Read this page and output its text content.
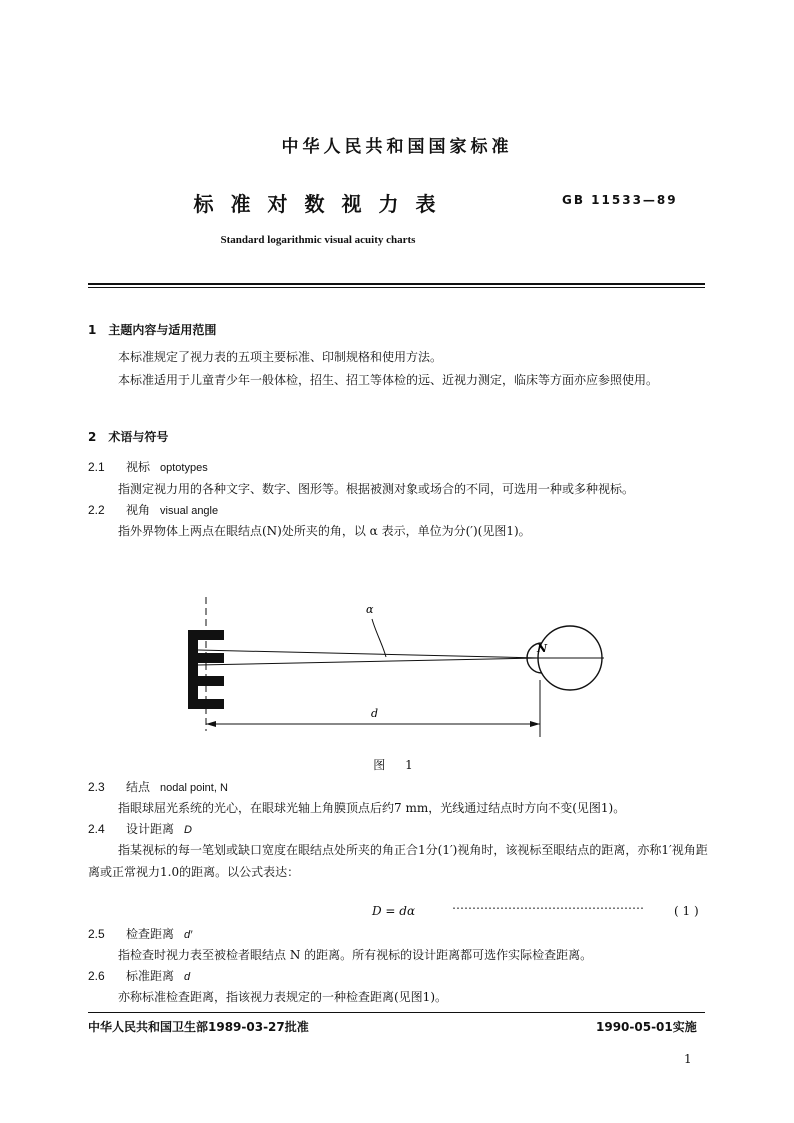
中华人民共和国国家标准
标准对数视力表	GB 11533—89
Standard logarithmic visual acuity charts
1　主题内容与适用范围
本标准规定了视力表的五项主要标准、印制规格和使用方法。
本标准适用于儿童青少年一般体检，招生、招工等体检的远、近视力测定，临床等方面亦应参照使用。
2　术语与符号
2.1 视标 optotypes
指测定视力用的各种文字、数字、图形等。根据被测对象或场合的不同，可选用一种或多种视标。
2.2 视角 visual angle
指外界物体上两点在眼结点(N)处所夹的角，以 α 表示，单位为分(′)(见图1)。
α
N
d
图 1
2.3 结点 nodal point, N
指眼球屈光系统的光心，在眼球光轴上角膜顶点后约7 mm，光线通过结点时方向不变(见图1)。
2.4 设计距离 D
指某视标的每一笔划或缺口宽度在眼结点处所夹的角正合1分(1′)视角时，该视标至眼结点的距离，亦称1′视角距离或正常视力1.0的距离。以公式表达：
D = dα	…………………………………………	( 1 )
2.5 检查距离 d′
指检查时视力表至被检者眼结点 N 的距离。所有视标的设计距离都可选作实际检查距离。
2.6 标准距离 d
亦称标准检查距离，指该视力表规定的一种检查距离(见图1)。
中华人民共和国卫生部1989-03-27批准	1990-05-01实施
1
